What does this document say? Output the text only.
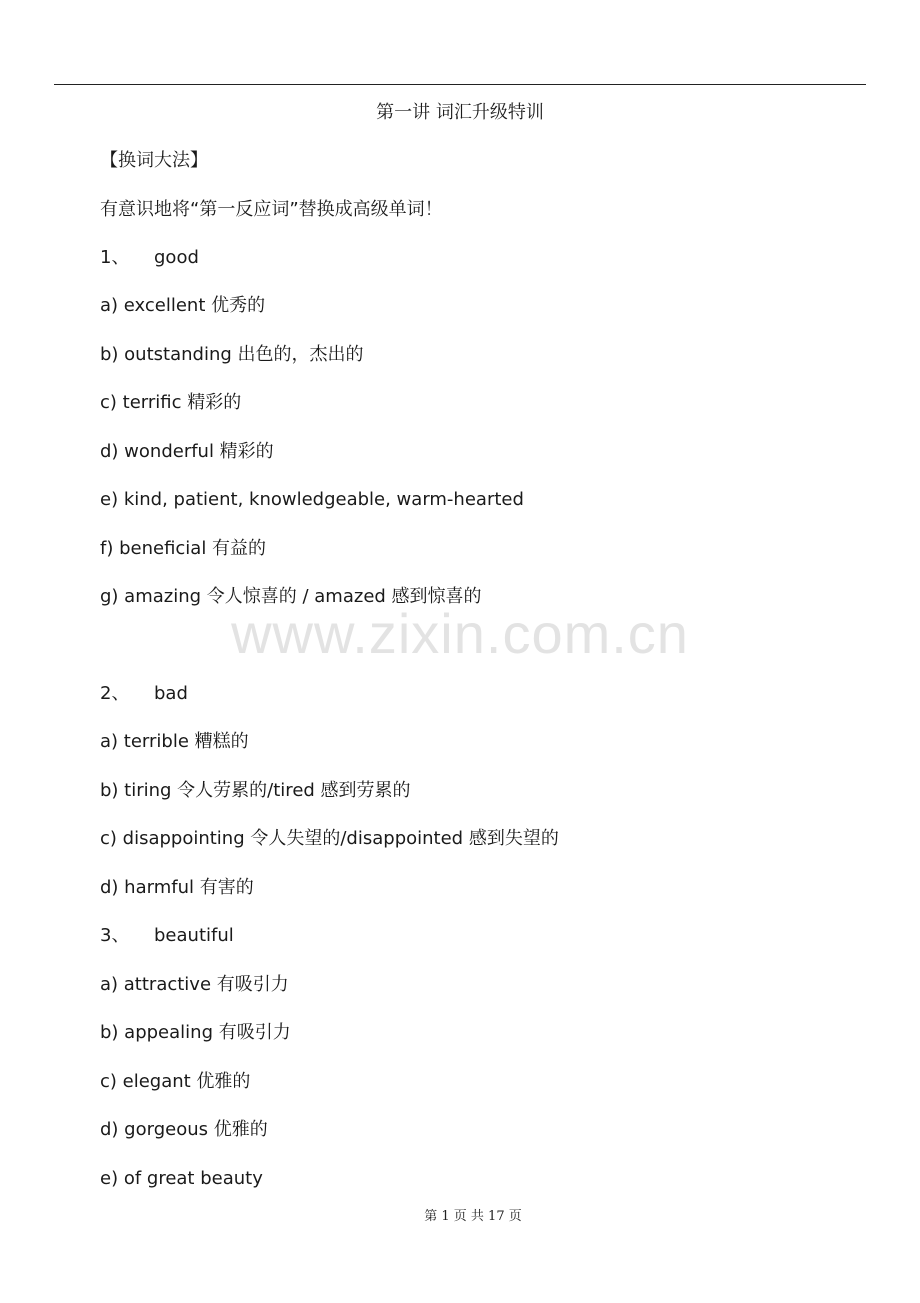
第一讲 词汇升级特训
【换词大法】
有意识地将“第一反应词”替换成高级单词！
1、 good
a) excellent 优秀的
b) outstanding 出色的，杰出的
c) terrific 精彩的
d) wonderful 精彩的
e) kind, patient, knowledgeable, warm-hearted
f) beneficial 有益的
g) amazing 令人惊喜的 / amazed 感到惊喜的
www.zixin.com.cn
2、 bad
a) terrible 糟糕的
b) tiring 令人劳累的/tired 感到劳累的
c) disappointing 令人失望的/disappointed 感到失望的
d) harmful 有害的
3、 beautiful
a) attractive 有吸引力
b) appealing 有吸引力
c) elegant 优雅的
d) gorgeous 优雅的
e) of great beauty
第 1 页 共 17 页
